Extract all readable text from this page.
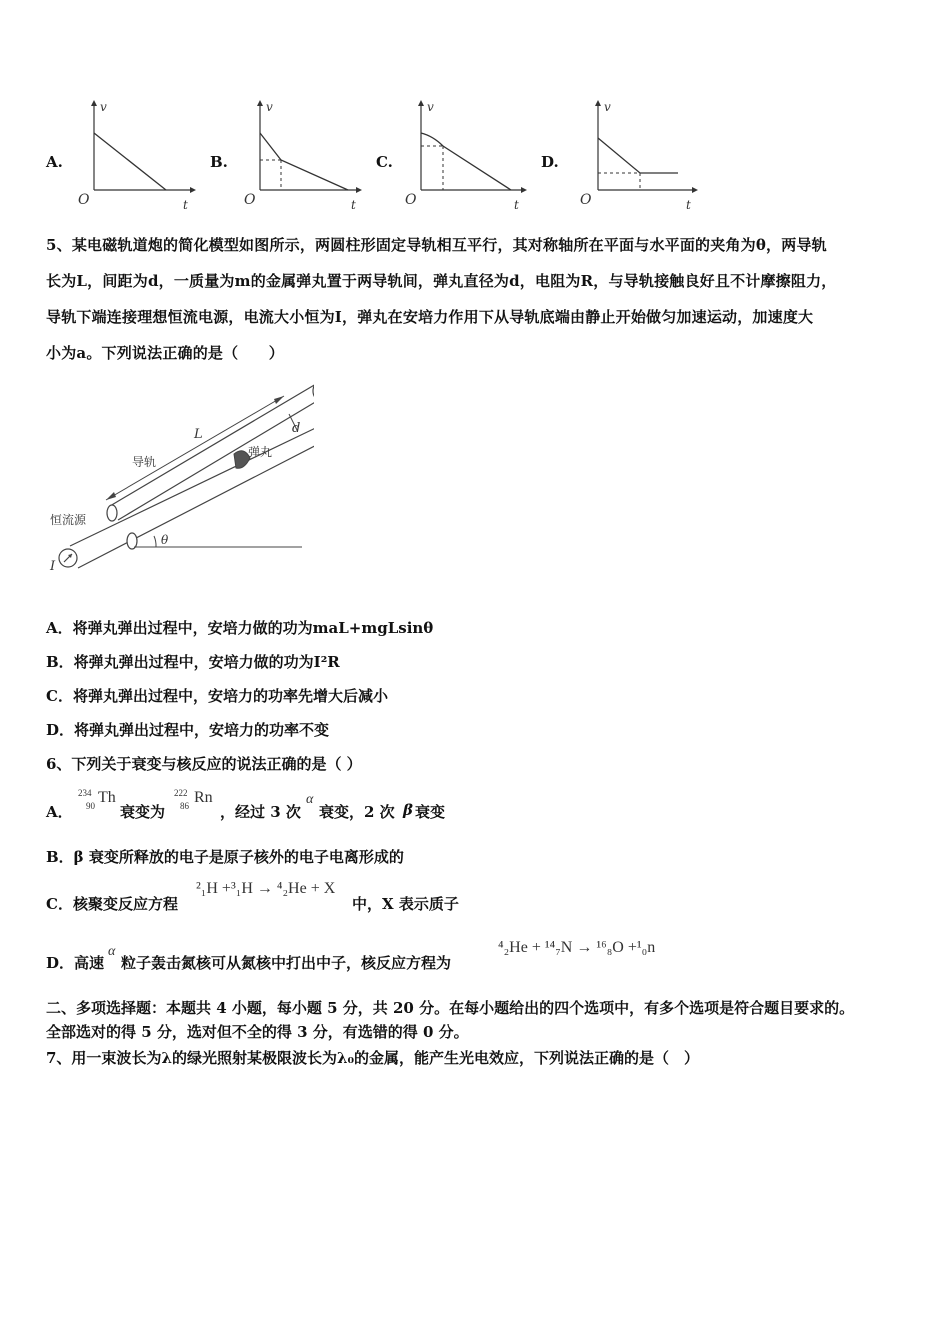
A.
v
t
O
B.
v
t
O
C.
v
t
O
D.
v
t
O
5、某电磁轨道炮的简化模型如图所示，两圆柱形固定导轨相互平行，其对称轴所在平面与水平面的夹角为θ，两导轨
长为L，间距为d，一质量为m的金属弹丸置于两导轨间，弹丸直径为d，电阻为R，与导轨接触良好且不计摩擦阻力，
导轨下端连接理想恒流电源，电流大小恒为I，弹丸在安培力作用下从导轨底端由静止开始做匀加速运动，加速度大
小为a。下列说法正确的是（　　）
θ
L	d
弹丸
导轨
恒流源
I
A．将弹丸弹出过程中，安培力做的功为maL+mgLsinθ
B．将弹丸弹出过程中，安培力做的功为I²R
C．将弹丸弹出过程中，安培力的功率先增大后减小
D．将弹丸弹出过程中，安培力的功率不变
6、下列关于衰变与核反应的说法正确的是（ ）
A．
234
90 Th
衰变为
222
86 Rn
，经过 3 次
α
衰变，2 次 β 衰变
B．β 衰变所释放的电子是原子核外的电子电离形成的
C．核聚变反应方程
²₁H +³₁H → ⁴₂He + X
中，X 表示质子
D．高速
α
粒子轰击氮核可从氮核中打出中子，核反应方程为
⁴₂He + ¹⁴₇N → ¹⁶₈O +¹₀n
二、多项选择题：本题共 4 小题，每小题 5 分，共 20 分。在每小题给出的四个选项中，有多个选项是符合题目要求的。
全部选对的得 5 分，选对但不全的得 3 分，有选错的得 0 分。
7、用一束波长为λ的绿光照射某极限波长为λ₀的金属，能产生光电效应，下列说法正确的是（　）
